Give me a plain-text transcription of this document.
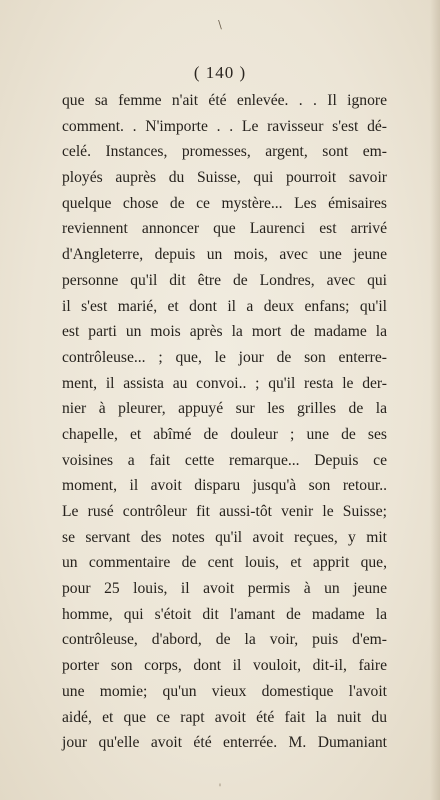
\
( 140 )
que sa femme n'ait été enlevée. . . Il ignore
comment. . N'importe . . Le ravisseur s'est dé-
celé. Instances, promesses, argent, sont em-
ployés auprès du Suisse, qui pourroit savoir
quelque chose de ce mystère... Les émisaires
reviennent annoncer que Laurenci est arrivé
d'Angleterre, depuis un mois, avec une jeune
personne qu'il dit être de Londres, avec qui
il s'est marié, et dont il a deux enfans; qu'il
est parti un mois après la mort de madame la
contrôleuse... ; que, le jour de son enterre-
ment, il assista au convoi.. ; qu'il resta le der-
nier à pleurer, appuyé sur les grilles de la
chapelle, et abîmé de douleur ; une de ses
voisines a fait cette remarque... Depuis ce
moment, il avoit disparu jusqu'à son retour..
Le rusé contrôleur fit aussi-tôt venir le Suisse;
se servant des notes qu'il avoit reçues, y mit
un commentaire de cent louis, et apprit que,
pour 25 louis, il avoit permis à un jeune
homme, qui s'étoit dit l'amant de madame la
contrôleuse, d'abord, de la voir, puis d'em-
porter son corps, dont il vouloit, dit-il, faire
une momie; qu'un vieux domestique l'avoit
aidé, et que ce rapt avoit été fait la nuit du
jour qu'elle avoit été enterrée. M. Dumaniant
'
